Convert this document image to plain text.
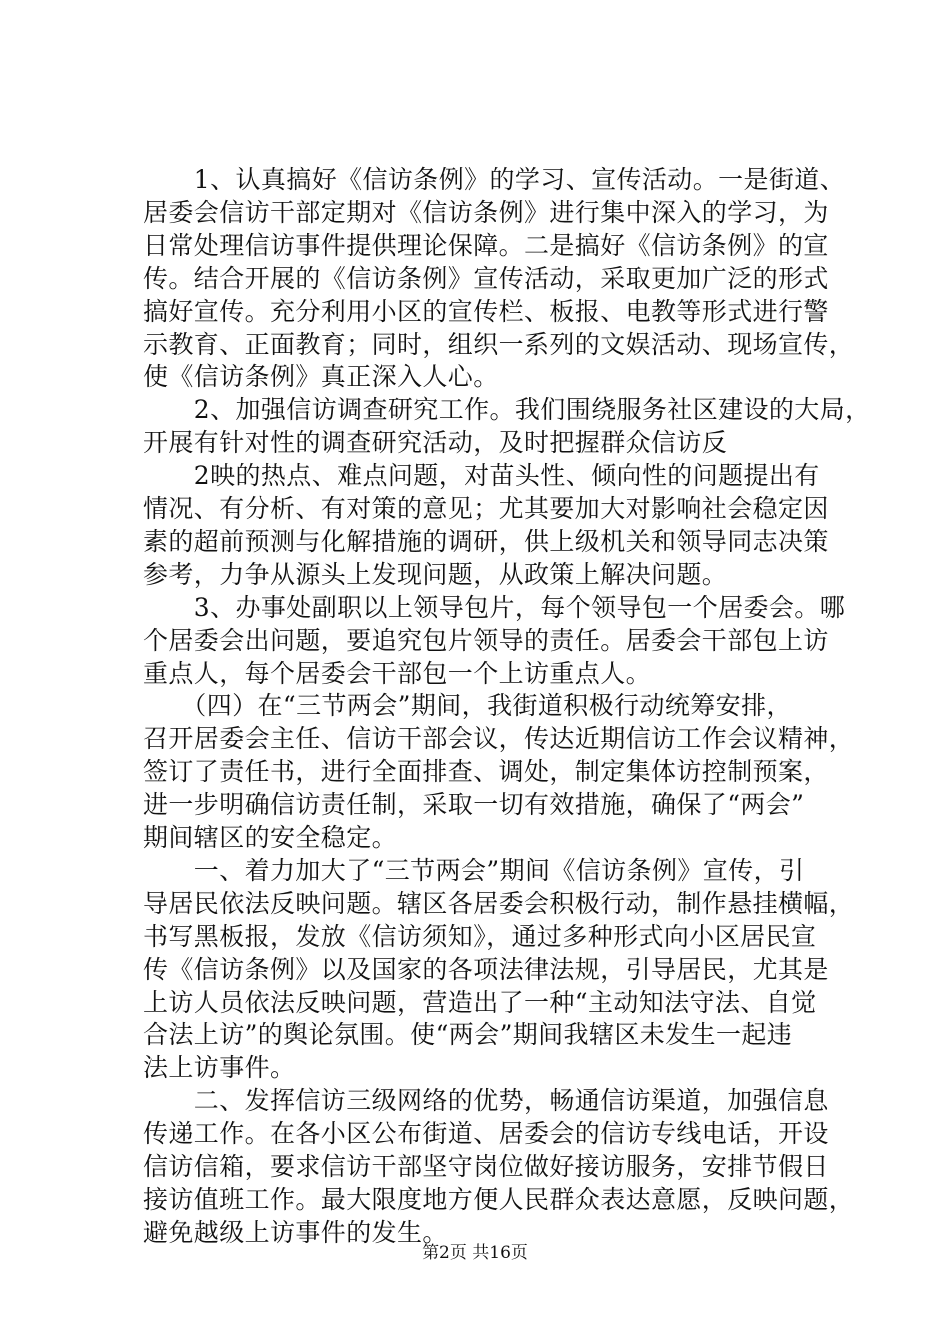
　　1、认真搞好《信访条例》的学习、宣传活动。一是街道、
居委会信访干部定期对《信访条例》进行集中深入的学习，为
日常处理信访事件提供理论保障。二是搞好《信访条例》的宣
传。结合开展的《信访条例》宣传活动，采取更加广泛的形式
搞好宣传。充分利用小区的宣传栏、板报、电教等形式进行警
示教育、正面教育；同时，组织一系列的文娱活动、现场宣传，
使《信访条例》真正深入人心。
　　2、加强信访调查研究工作。我们围绕服务社区建设的大局，
开展有针对性的调查研究活动，及时把握群众信访反
　　2映的热点、难点问题，对苗头性、倾向性的问题提出有
情况、有分析、有对策的意见；尤其要加大对影响社会稳定因
素的超前预测与化解措施的调研，供上级机关和领导同志决策
参考，力争从源头上发现问题，从政策上解决问题。
　　3、办事处副职以上领导包片，每个领导包一个居委会。哪
个居委会出问题，要追究包片领导的责任。居委会干部包上访
重点人，每个居委会干部包一个上访重点人。
　　（四）在“三节两会”期间，我街道积极行动统筹安排，
召开居委会主任、信访干部会议，传达近期信访工作会议精神，
签订了责任书，进行全面排查、调处，制定集体访控制预案，
进一步明确信访责任制，采取一切有效措施，确保了“两会”
期间辖区的安全稳定。
　　一、着力加大了“三节两会”期间《信访条例》宣传，引
导居民依法反映问题。辖区各居委会积极行动，制作悬挂横幅，
书写黑板报，发放《信访须知》，通过多种形式向小区居民宣
传《信访条例》以及国家的各项法律法规，引导居民，尤其是
上访人员依法反映问题，营造出了一种“主动知法守法、自觉
合法上访”的舆论氛围。使“两会”期间我辖区未发生一起违
法上访事件。
　　二、发挥信访三级网络的优势，畅通信访渠道，加强信息
传递工作。在各小区公布街道、居委会的信访专线电话，开设
信访信箱，要求信访干部坚守岗位做好接访服务，安排节假日
接访值班工作。最大限度地方便人民群众表达意愿，反映问题，
避免越级上访事件的发生。
第2页 共16页
